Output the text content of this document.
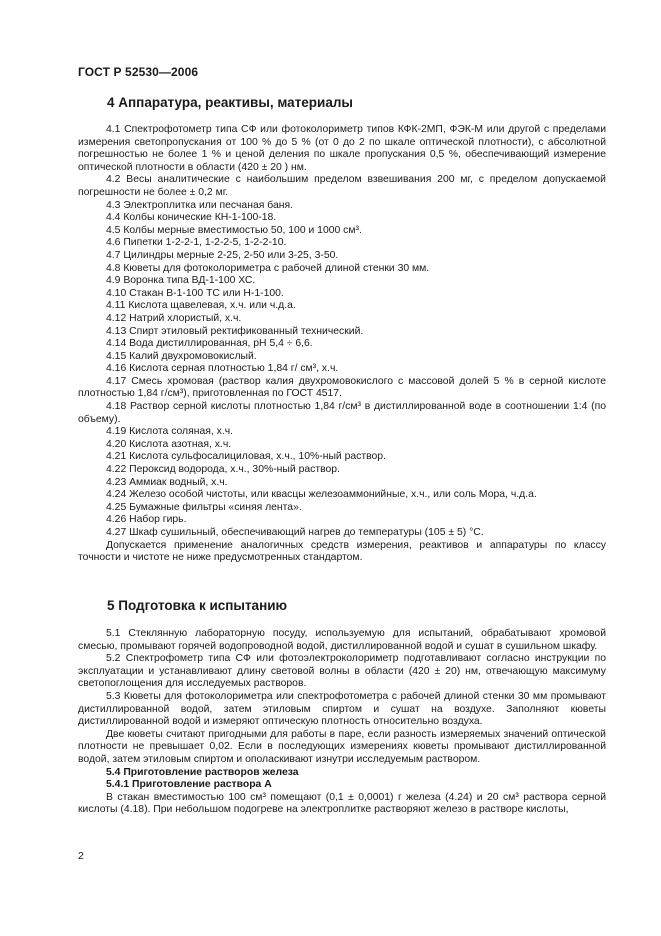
ГОСТ Р 52530—2006
4 Аппаратура, реактивы, материалы

4.1 Спектрофотометр типа СФ или фотоколориметр типов КФК-2МП, ФЭК-М или другой с пределами измерения светопропускания от 100 % до 5 % (от 0 до 2 по шкале оптической плотности), с абсолютной погрешностью не более 1 % и ценой деления по шкале пропускания 0,5 %, обеспечивающий измерение оптической плотности в области (420 ± 20 ) нм.

4.2 Весы аналитические с наибольшим пределом взвешивания 200 мг, с пределом допускаемой погрешности не более ± 0,2 мг.

4.3 Электроплитка или песчаная баня.

4.4 Колбы конические КН-1-100-18.

4.5 Колбы мерные вместимостью 50, 100 и 1000 см³.

4.6 Пипетки 1-2-2-1, 1-2-2-5, 1-2-2-10.

4.7 Цилиндры мерные 2-25, 2-50 или 3-25, 3-50.

4.8 Кюветы для фотоколориметра с рабочей длиной стенки 30 мм.

4.9 Воронка типа ВД-1-100 ХС.

4.10 Стакан В-1-100 ТС или Н-1-100.

4.11 Кислота щавелевая, х.ч. или ч.д.а.

4.12 Натрий хлористый, х.ч.

4.13 Спирт этиловый ректификованный технический.

4.14 Вода дистиллированная, рН 5,4 ÷ 6,6.

4.15 Калий двухромовокислый.

4.16 Кислота серная плотностью 1,84 г/ см³, х.ч.

4.17 Смесь хромовая (раствор калия двухромовокислого с массовой долей 5 % в серной кислоте плотностью 1,84 г/см³), приготовленная по ГОСТ 4517.

4.18 Раствор серной кислоты плотностью 1,84 г/см³ в дистиллированной воде в соотношении 1:4 (по объему).

4.19 Кислота соляная, х.ч.

4.20 Кислота азотная, х.ч.

4.21 Кислота сульфосалициловая, х.ч., 10%-ный раствор.

4.22 Пероксид водорода, х.ч., 30%-ный раствор.

4.23 Аммиак водный, х.ч.

4.24 Железо особой чистоты, или квасцы железоаммонийные, х.ч., или соль Мора, ч.д.а.

4.25 Бумажные фильтры «синяя лента».

4.26 Набор гирь.

4.27 Шкаф сушильный, обеспечивающий нагрев до температуры (105 ± 5) °С.

Допускается применение аналогичных средств измерения, реактивов и аппаратуры по классу точности и чистоте не ниже предусмотренных стандартом.

5 Подготовка к испытанию

5.1 Стеклянную лабораторную посуду, используемую для испытаний, обрабатывают хромовой смесью, промывают горячей водопроводной водой, дистиллированной водой и сушат в сушильном шкафу.

5.2 Спектрофометр типа СФ или фотоэлектроколориметр подготавливают согласно инструкции по эксплуатации и устанавливают длину световой волны в области (420 ± 20) нм, отвечающую максимуму светопоглощения для исследуемых растворов.

5.3 Кюветы для фотоколориметра или спектрофотометра с рабочей длиной стенки 30 мм промывают дистиллированной водой, затем этиловым спиртом и сушат на воздухе. Заполняют кюветы дистиллированной водой и измеряют оптическую плотность относительно воздуха.

Две кюветы считают пригодными для работы в паре, если разность измеряемых значений оптической плотности не превышает 0,02. Если в последующих измерениях кюветы промывают дистиллированной водой, затем этиловым спиртом и ополаскивают изнутри исследуемым раствором.

5.4 Приготовление растворов железа

5.4.1 Приготовление раствора А

В стакан вместимостью 100 см³ помещают (0,1 ± 0,0001) г железа (4.24) и 20 см³ раствора серной кислоты (4.18). При небольшом подогреве на электроплитке растворяют железо в растворе кислоты,

2
